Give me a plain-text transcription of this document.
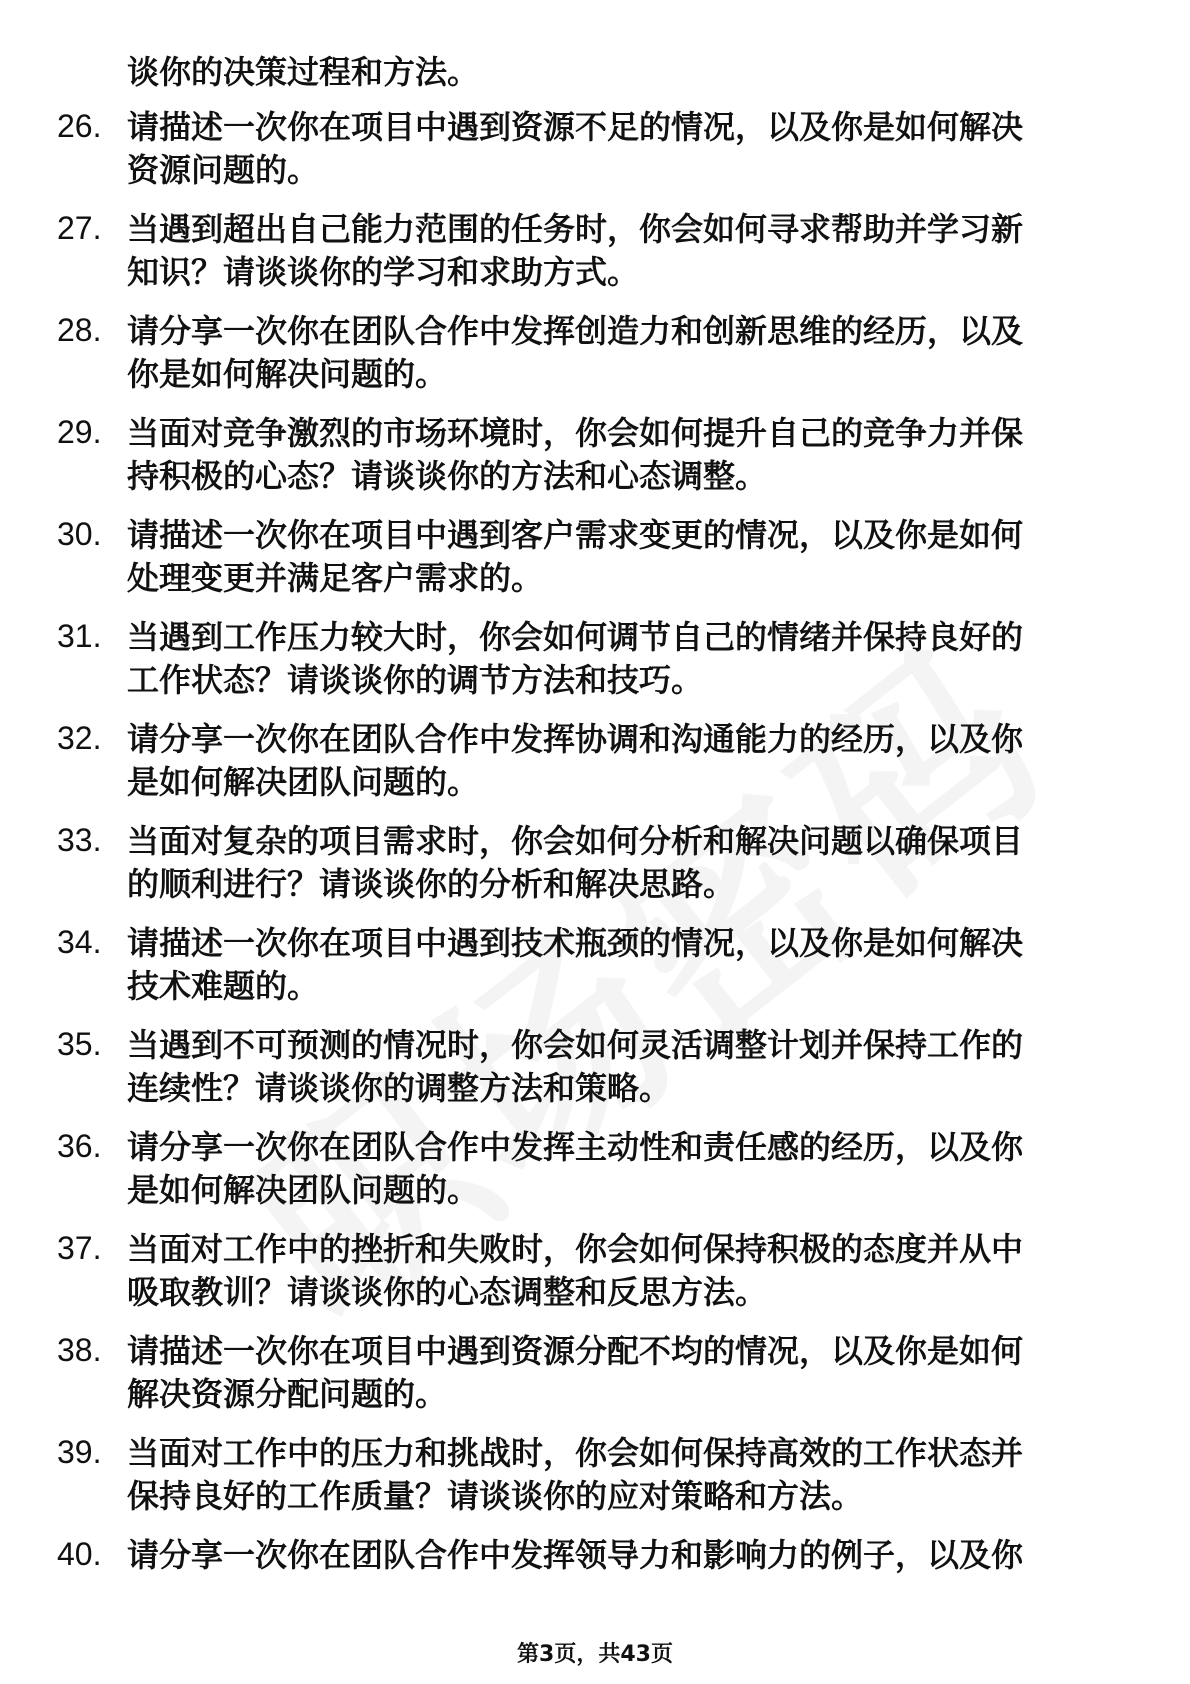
谈你的决策过程和方法。
26. 请描述一次你在项目中遇到资源不足的情况，以及你是如何解决
资源问题的。
27. 当遇到超出自己能力范围的任务时，你会如何寻求帮助并学习新
知识？请谈谈你的学习和求助方式。
28. 请分享一次你在团队合作中发挥创造力和创新思维的经历，以及
你是如何解决问题的。
29. 当面对竞争激烈的市场环境时，你会如何提升自己的竞争力并保
持积极的心态？请谈谈你的方法和心态调整。
30. 请描述一次你在项目中遇到客户需求变更的情况，以及你是如何
处理变更并满足客户需求的。
31. 当遇到工作压力较大时，你会如何调节自己的情绪并保持良好的
工作状态？请谈谈你的调节方法和技巧。
32. 请分享一次你在团队合作中发挥协调和沟通能力的经历，以及你
是如何解决团队问题的。
33. 当面对复杂的项目需求时，你会如何分析和解决问题以确保项目
的顺利进行？请谈谈你的分析和解决思路。
34. 请描述一次你在项目中遇到技术瓶颈的情况，以及你是如何解决
技术难题的。
35. 当遇到不可预测的情况时，你会如何灵活调整计划并保持工作的
连续性？请谈谈你的调整方法和策略。
36. 请分享一次你在团队合作中发挥主动性和责任感的经历，以及你
是如何解决团队问题的。
37. 当面对工作中的挫折和失败时，你会如何保持积极的态度并从中
吸取教训？请谈谈你的心态调整和反思方法。
38. 请描述一次你在项目中遇到资源分配不均的情况，以及你是如何
解决资源分配问题的。
39. 当面对工作中的压力和挑战时，你会如何保持高效的工作状态并
保持良好的工作质量？请谈谈你的应对策略和方法。
40. 请分享一次你在团队合作中发挥领导力和影响力的例子，以及你
第3页，共43页
